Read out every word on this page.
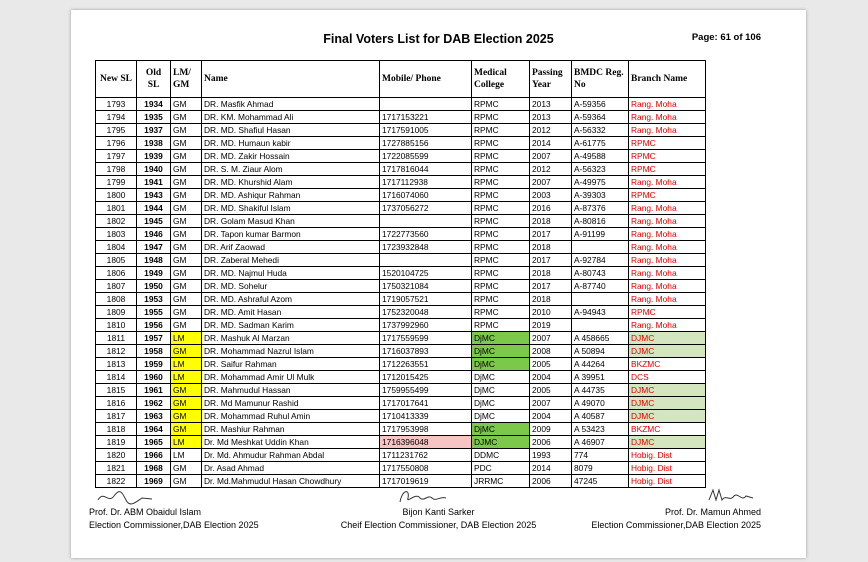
Final Voters List for DAB Election 2025	Page: 61 of 106
New SL	Old SL	LM/ GM	Name	Mobile/ Phone	Medical College	Passing Year	BMDC Reg. No	Branch Name
1793	1934	GM	DR. Masfik Ahmad		RPMC	2013	A-59356	Rang. Moha
1794	1935	GM	DR. KM. Mohammad Ali	1717153221	RPMC	2013	A-59364	Rang. Moha
1795	1937	GM	DR. MD. Shafiul Hasan	1717591005	RPMC	2012	A-56332	Rang. Moha
1796	1938	GM	DR. MD. Humaun kabir	1727885156	RPMC	2014	A-61775	RPMC
1797	1939	GM	DR. MD. Zakir Hossain	1722085599	RPMC	2007	A-49588	RPMC
1798	1940	GM	DR. S. M. Ziaur Alom	1717816044	RPMC	2012	A-56323	RPMC
1799	1941	GM	DR. MD. Khurshid Alam	1717112938	RPMC	2007	A-49975	Rang. Moha
1800	1943	GM	DR. MD. Ashiqur Rahman	1716074060	RPMC	2003	A-39303	RPMC
1801	1944	GM	DR. MD. Shakiful Islam	1737056272	RPMC	2016	A-87376	Rang. Moha
1802	1945	GM	DR. Golam Masud Khan		RPMC	2018	A-80816	Rang. Moha
1803	1946	GM	DR. Tapon kumar Barmon	1722773560	RPMC	2017	A-91199	Rang. Moha
1804	1947	GM	DR. Arif Zaowad	1723932848	RPMC	2018		Rang. Moha
1805	1948	GM	DR. Zaberal Mehedi		RPMC	2017	A-92784	Rang. Moha
1806	1949	GM	DR. MD. Najmul Huda	1520104725	RPMC	2018	A-80743	Rang. Moha
1807	1950	GM	DR. MD. Sohelur	1750321084	RPMC	2017	A-87740	Rang. Moha
1808	1953	GM	DR. MD. Ashraful Azom	1719057521	RPMC	2018		Rang. Moha
1809	1955	GM	DR. MD. Amit Hasan	1752320048	RPMC	2010	A-94943	RPMC
1810	1956	GM	DR. MD. Sadman Karim	1737992960	RPMC	2019		Rang. Moha
1811	1957	LM	DR. Mashuk Al Marzan	1717559599	DjMC	2007	A 458665	DJMC
1812	1958	GM	DR. Mohammad Nazrul Islam	1716037893	DjMC	2008	A 50894	DJMC
1813	1959	LM	DR. Saifur Rahman	1712263551	DjMC	2005	A 44264	BKZMC
1814	1960	LM	DR. Mohammad Amir Ul Mulk	1712015425	DjMC	2004	A 39951	DCS
1815	1961	GM	DR. Mahmudul Hassan	1759955499	DjMC	2005	A 44735	DJMC
1816	1962	GM	DR. Md Mamunur Rashid	1717017641	DjMC	2007	A 49070	DJMC
1817	1963	GM	DR. Mohammad Ruhul Amin	1710413339	DjMC	2004	A 40587	DJMC
1818	1964	GM	DR. Mashiur Rahman	1717953998	DjMC	2009	A 53423	BKZMC
1819	1965	LM	Dr. Md Meshkat Uddin Khan	1716396048	DJMC	2006	A 46907	DJMC
1820	1966	LM	Dr. Md. Ahmudur Rahman Abdal	1711231762	DDMC	1993	774	Hobig. Dist
1821	1968	GM	Dr. Asad Ahmad	1717550808	PDC	2014	8079	Hobig. Dist
1822	1969	GM	Dr. Md.Mahmudul Hasan Chowdhury	1717019619	JRRMC	2006	47245	Hobig. Dist
Prof. Dr. ABM Obaidul Islam
Election Commissioner,DAB Election 2025
Bijon Kanti Sarker
Cheif Election Commissioner, DAB Election 2025
Prof. Dr. Mamun Ahmed
Election Commissioner,DAB Election 2025
